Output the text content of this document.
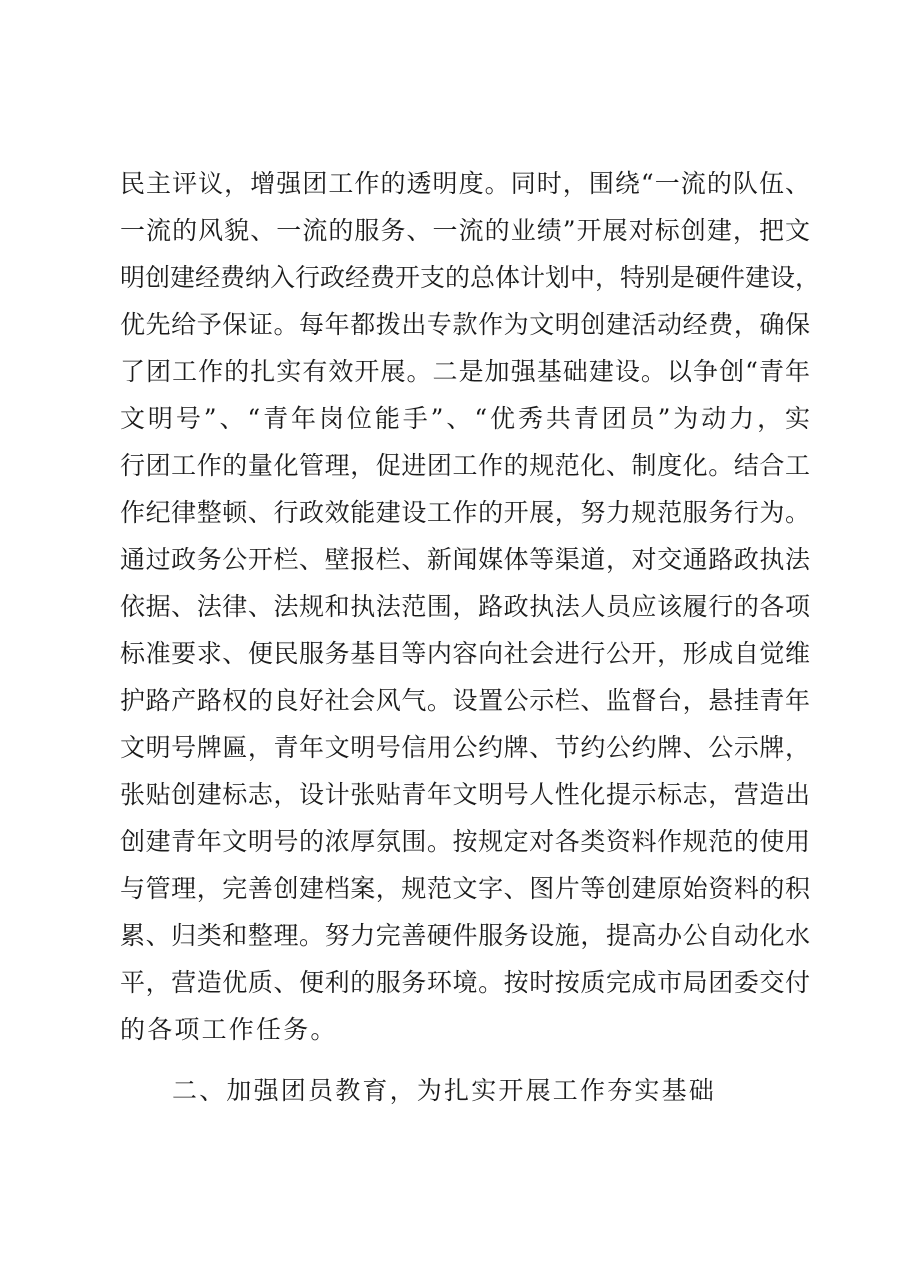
民主评议，增强团工作的透明度。同时，围绕“一流的队伍、
一流的风貌、一流的服务、一流的业绩”开展对标创建，把文
明创建经费纳入行政经费开支的总体计划中，特别是硬件建设，
优先给予保证。每年都拨出专款作为文明创建活动经费，确保
了团工作的扎实有效开展。二是加强基础建设。以争创“青年
文明号”、“青年岗位能手”、“优秀共青团员”为动力，实
行团工作的量化管理，促进团工作的规范化、制度化。结合工
作纪律整顿、行政效能建设工作的开展，努力规范服务行为。
通过政务公开栏、壁报栏、新闻媒体等渠道，对交通路政执法
依据、法律、法规和执法范围，路政执法人员应该履行的各项
标准要求、便民服务基目等内容向社会进行公开，形成自觉维
护路产路权的良好社会风气。设置公示栏、监督台，悬挂青年
文明号牌匾，青年文明号信用公约牌、节约公约牌、公示牌，
张贴创建标志，设计张贴青年文明号人性化提示标志，营造出
创建青年文明号的浓厚氛围。按规定对各类资料作规范的使用
与管理，完善创建档案，规范文字、图片等创建原始资料的积
累、归类和整理。努力完善硬件服务设施，提高办公自动化水
平，营造优质、便利的服务环境。按时按质完成市局团委交付
的各项工作任务。
二、加强团员教育，为扎实开展工作夯实基础
